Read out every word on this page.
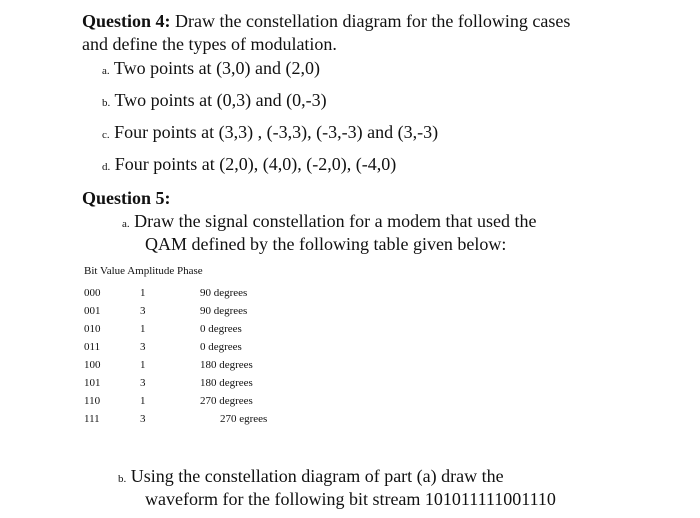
Question 4: Draw the constellation diagram for the following cases
and define the types of modulation.
a. Two points at (3,0) and (2,0)
b. Two points at (0,3) and (0,-3)
c. Four points at (3,3) , (-3,3), (-3,-3) and (3,-3)
d. Four points at (2,0), (4,0), (-2,0), (-4,0)
Question 5:
a. Draw the signal constellation for a modem that used the
QAM defined by the following table given below:
Bit Value Amplitude Phase
000	1	90 degrees
001	3	90 degrees
010	1	0 degrees
011	3	0 degrees
100	1	180 degrees
101	3	180 degrees
110	1	270 degrees
111	3	270 egrees
b. Using the constellation diagram of part (a) draw the
waveform for the following bit stream 101011111001110
